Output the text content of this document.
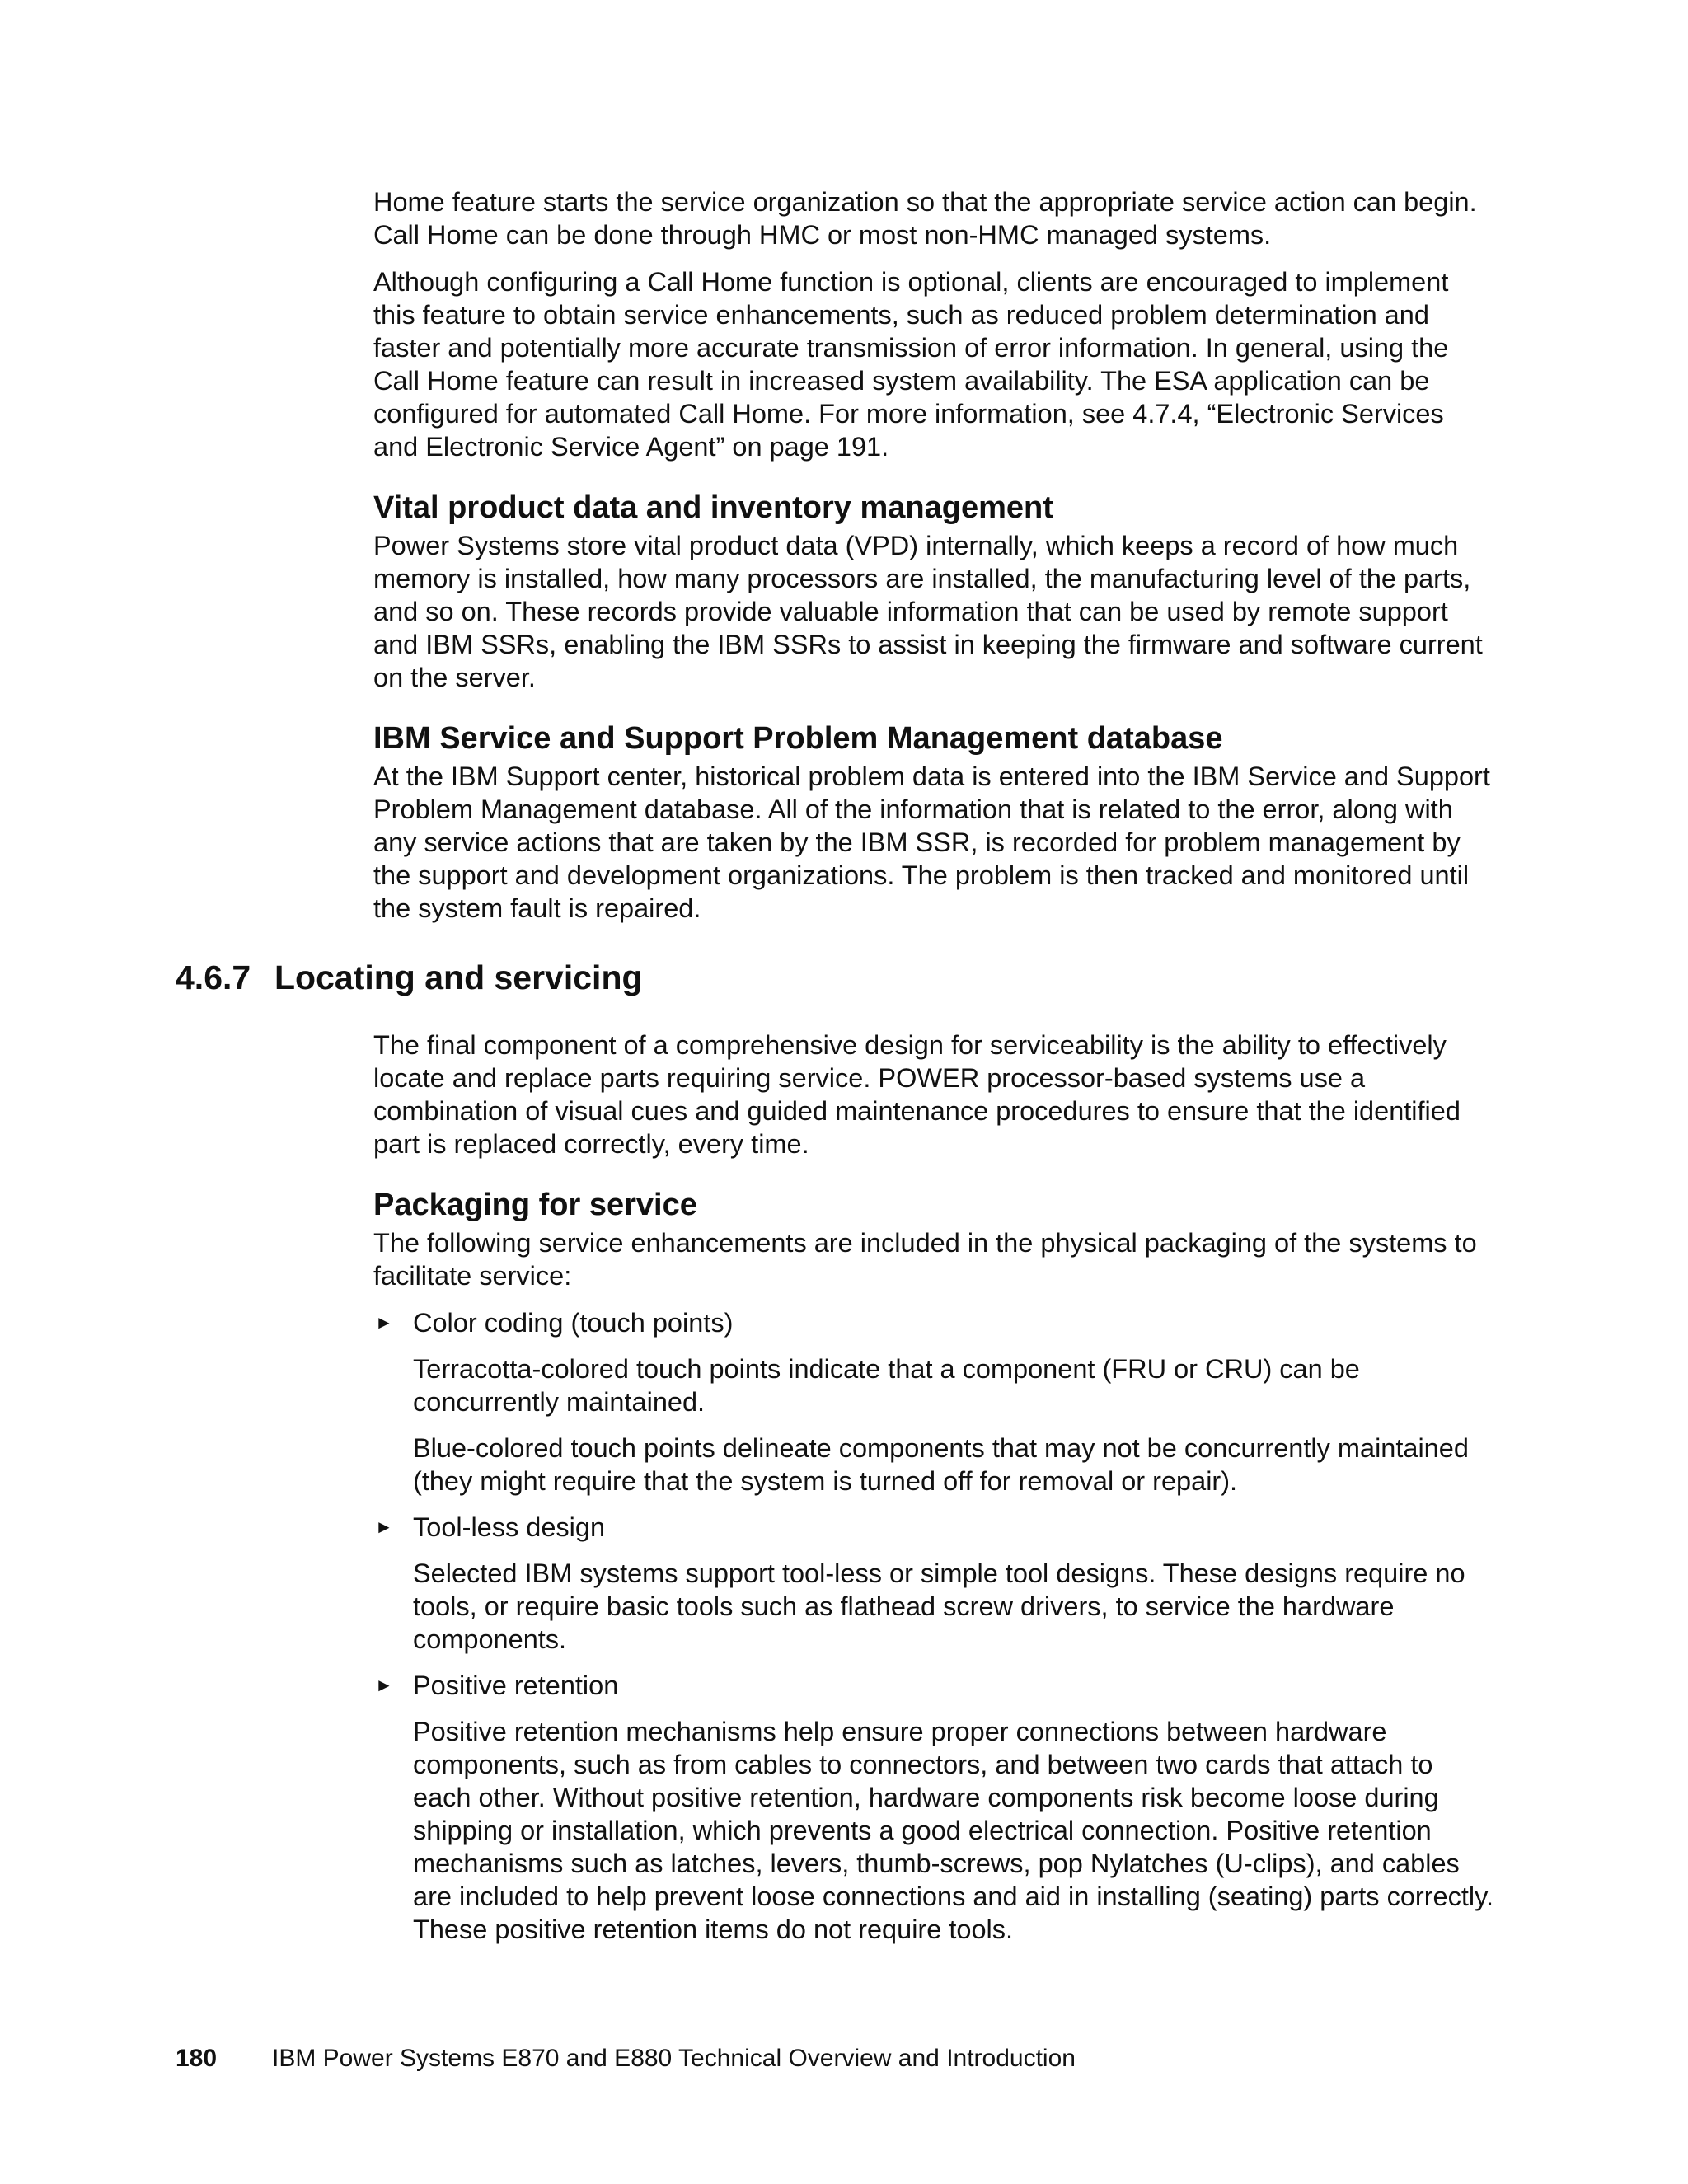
Home feature starts the service organization so that the appropriate service action can begin. Call Home can be done through HMC or most non-HMC managed systems.

Although configuring a Call Home function is optional, clients are encouraged to implement this feature to obtain service enhancements, such as reduced problem determination and faster and potentially more accurate transmission of error information. In general, using the Call Home feature can result in increased system availability. The ESA application can be configured for automated Call Home. For more information, see 4.7.4, “Electronic Services and Electronic Service Agent” on page 191.

Vital product data and inventory management

Power Systems store vital product data (VPD) internally, which keeps a record of how much memory is installed, how many processors are installed, the manufacturing level of the parts, and so on. These records provide valuable information that can be used by remote support and IBM SSRs, enabling the IBM SSRs to assist in keeping the firmware and software current on the server.

IBM Service and Support Problem Management database

At the IBM Support center, historical problem data is entered into the IBM Service and Support Problem Management database. All of the information that is related to the error, along with any service actions that are taken by the IBM SSR, is recorded for problem management by the support and development organizations. The problem is then tracked and monitored until the system fault is repaired.

4.6.7 Locating and servicing

The final component of a comprehensive design for serviceability is the ability to effectively locate and replace parts requiring service. POWER processor-based systems use a combination of visual cues and guided maintenance procedures to ensure that the identified part is replaced correctly, every time.

Packaging for service

The following service enhancements are included in the physical packaging of the systems to facilitate service:

► Color coding (touch points)

Terracotta-colored touch points indicate that a component (FRU or CRU) can be concurrently maintained.

Blue-colored touch points delineate components that may not be concurrently maintained (they might require that the system is turned off for removal or repair).

► Tool-less design

Selected IBM systems support tool-less or simple tool designs. These designs require no tools, or require basic tools such as flathead screw drivers, to service the hardware components.

► Positive retention

Positive retention mechanisms help ensure proper connections between hardware components, such as from cables to connectors, and between two cards that attach to each other. Without positive retention, hardware components risk become loose during shipping or installation, which prevents a good electrical connection. Positive retention mechanisms such as latches, levers, thumb-screws, pop Nylatches (U-clips), and cables are included to help prevent loose connections and aid in installing (seating) parts correctly. These positive retention items do not require tools.

180 IBM Power Systems E870 and E880 Technical Overview and Introduction
